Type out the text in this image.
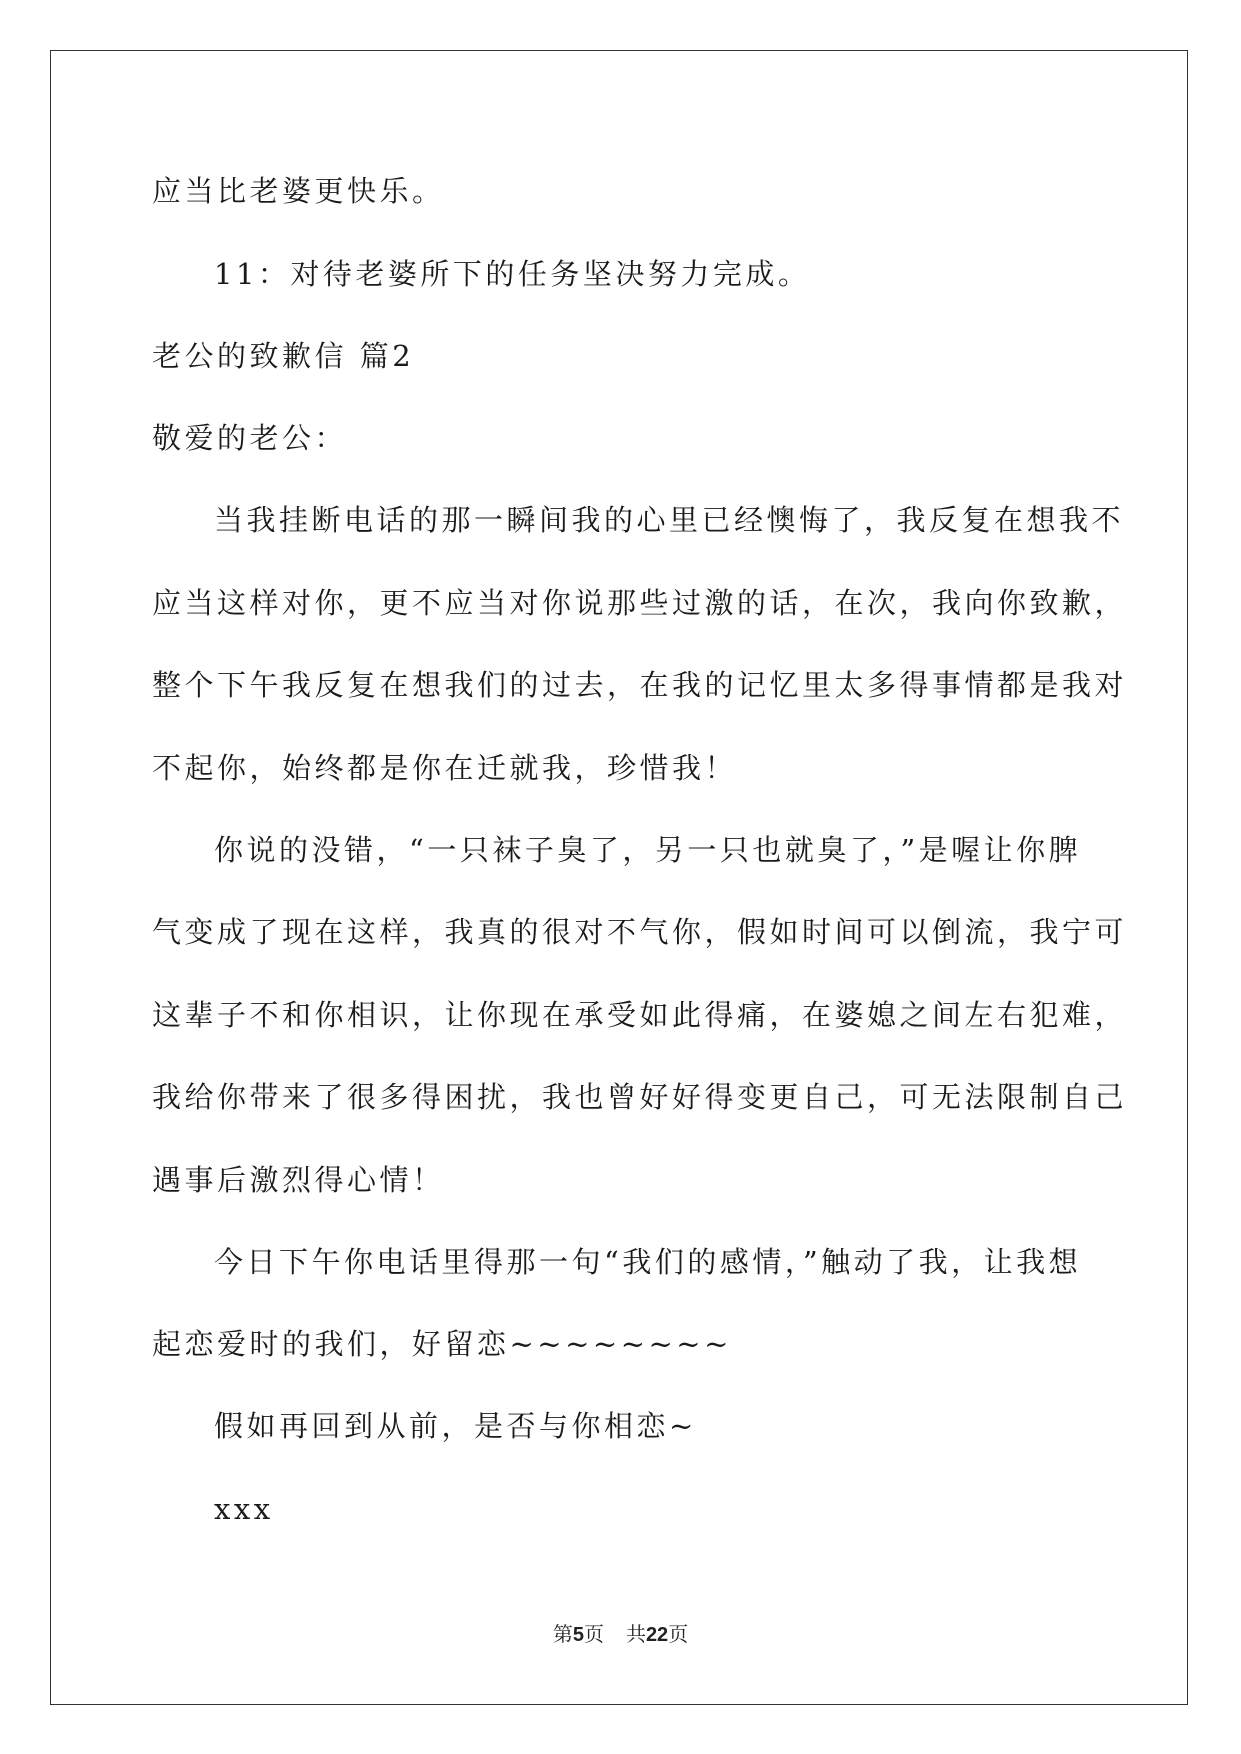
应当比老婆更快乐。
11：对待老婆所下的任务坚决努力完成。
老公的致歉信 篇2
敬爱的老公：
当我挂断电话的那一瞬间我的心里已经懊悔了，我反复在想我不
应当这样对你，更不应当对你说那些过激的话，在次，我向你致歉，
整个下午我反复在想我们的过去，在我的记忆里太多得事情都是我对
不起你，始终都是你在迁就我，珍惜我！
你说的没错，“一只袜子臭了，另一只也就臭了，”是喔让你脾
气变成了现在这样，我真的很对不气你，假如时间可以倒流，我宁可
这辈子不和你相识，让你现在承受如此得痛，在婆媳之间左右犯难，
我给你带来了很多得困扰，我也曾好好得变更自己，可无法限制自己
遇事后激烈得心情！
今日下午你电话里得那一句“我们的感情，”触动了我，让我想
起恋爱时的我们，好留恋~~~~~~~~
假如再回到从前，是否与你相恋~
xxx
第5页 共22页
